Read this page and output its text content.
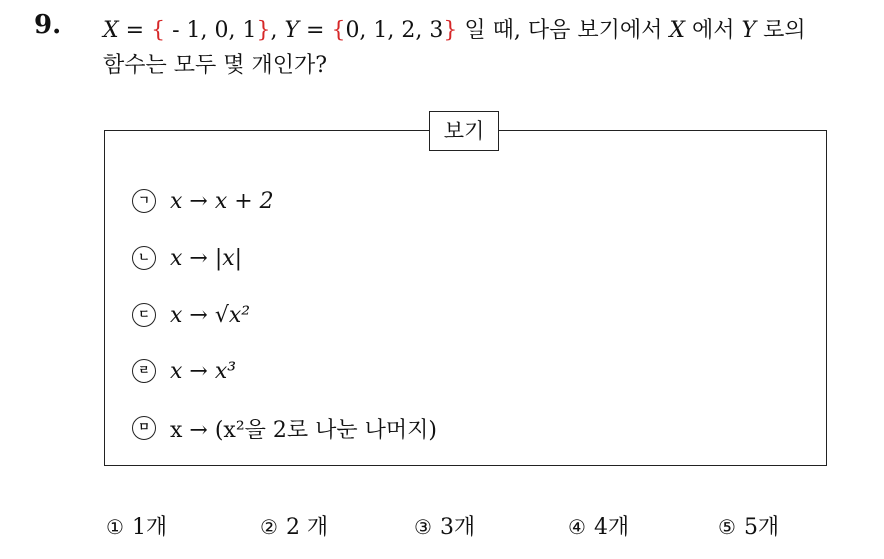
9. X = { - 1, 0, 1}, Y = {0, 1, 2, 3} 일 때, 다음 보기에서 X 에서 Y 로의
함수는 모두 몇 개인가?
보기
ㄱ x → x + 2
ㄴ x → |x|
ㄷ x → √x²
ㄹ x → x³
ㅁ x → (x²을 2로 나눈 나머지)
① 1개	② 2 개	③ 3개	④ 4개	⑤ 5개
